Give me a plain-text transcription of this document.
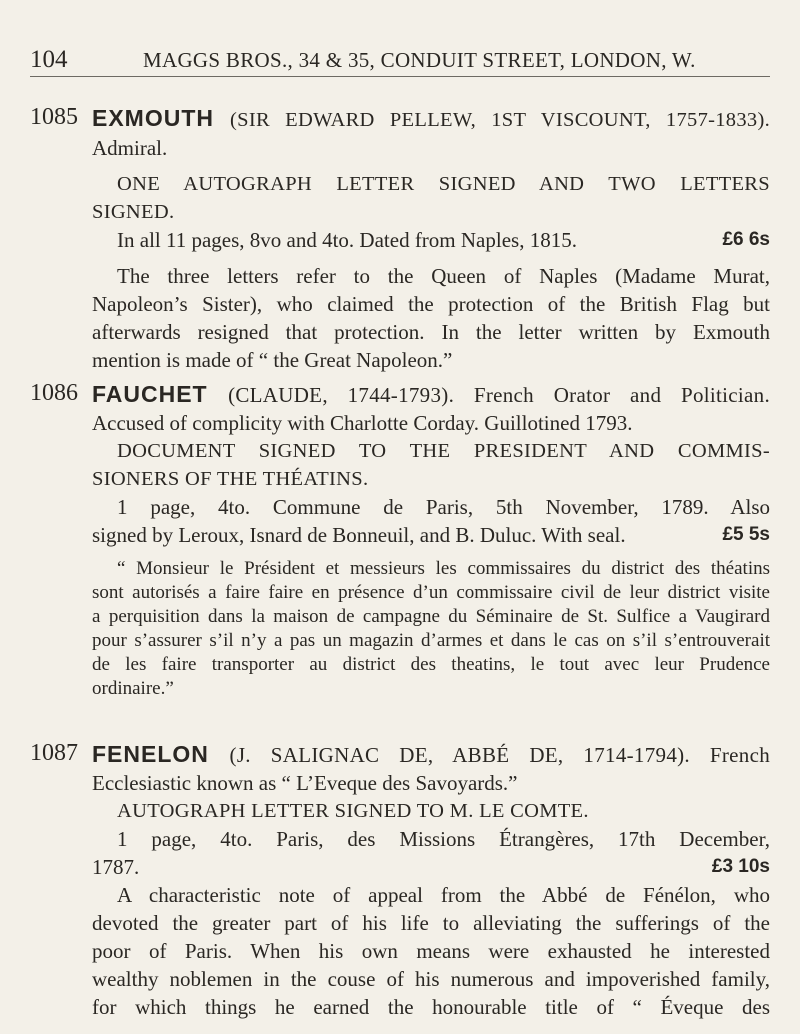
104	MAGGS BROS., 34 & 35, CONDUIT STREET, LONDON, W.
1085 EXMOUTH (SIR EDWARD PELLEW, 1ST VISCOUNT, 1757-1833).
Admiral.
ONE AUTOGRAPH LETTER SIGNED AND TWO LETTERS
SIGNED.
In all 11 pages, 8vo and 4to. Dated from Naples, 1815.	£6 6s
The three letters refer to the Queen of Naples (Madame Murat,
Napoleon’s Sister), who claimed the protection of the British Flag but
afterwards resigned that protection. In the letter written by Exmouth
mention is made of “ the Great Napoleon.”
1086 FAUCHET (CLAUDE, 1744-1793). French Orator and Politician.
Accused of complicity with Charlotte Corday. Guillotined 1793.
DOCUMENT SIGNED TO THE PRESIDENT AND COMMIS-
SIONERS OF THE THÉATINS.
1 page, 4to. Commune de Paris, 5th November, 1789. Also
signed by Leroux, Isnard de Bonneuil, and B. Duluc. With seal.	£5 5s
“ Monsieur le Président et messieurs les commissaires du district des théatins
sont autorisés a faire faire en présence d’un commissaire civil de leur district visite
a perquisition dans la maison de campagne du Séminaire de St. Sulfice a Vaugirard
pour s’assurer s’il n’y a pas un magazin d’armes et dans le cas on s’il s’entrouverait
de les faire transporter au district des theatins, le tout avec leur Prudence
ordinaire.”
1087 FENELON (J. SALIGNAC DE, ABBÉ DE, 1714-1794). French
Ecclesiastic known as “ L’Eveque des Savoyards.”
AUTOGRAPH LETTER SIGNED TO M. LE COMTE.
1 page, 4to. Paris, des Missions Étrangères, 17th December,
1787.	£3 10s
A characteristic note of appeal from the Abbé de Fénélon, who
devoted the greater part of his life to alleviating the sufferings of the
poor of Paris. When his own means were exhausted he interested
wealthy noblemen in the couse of his numerous and impoverished family,
for which things he earned the honourable title of “ Éveque des
